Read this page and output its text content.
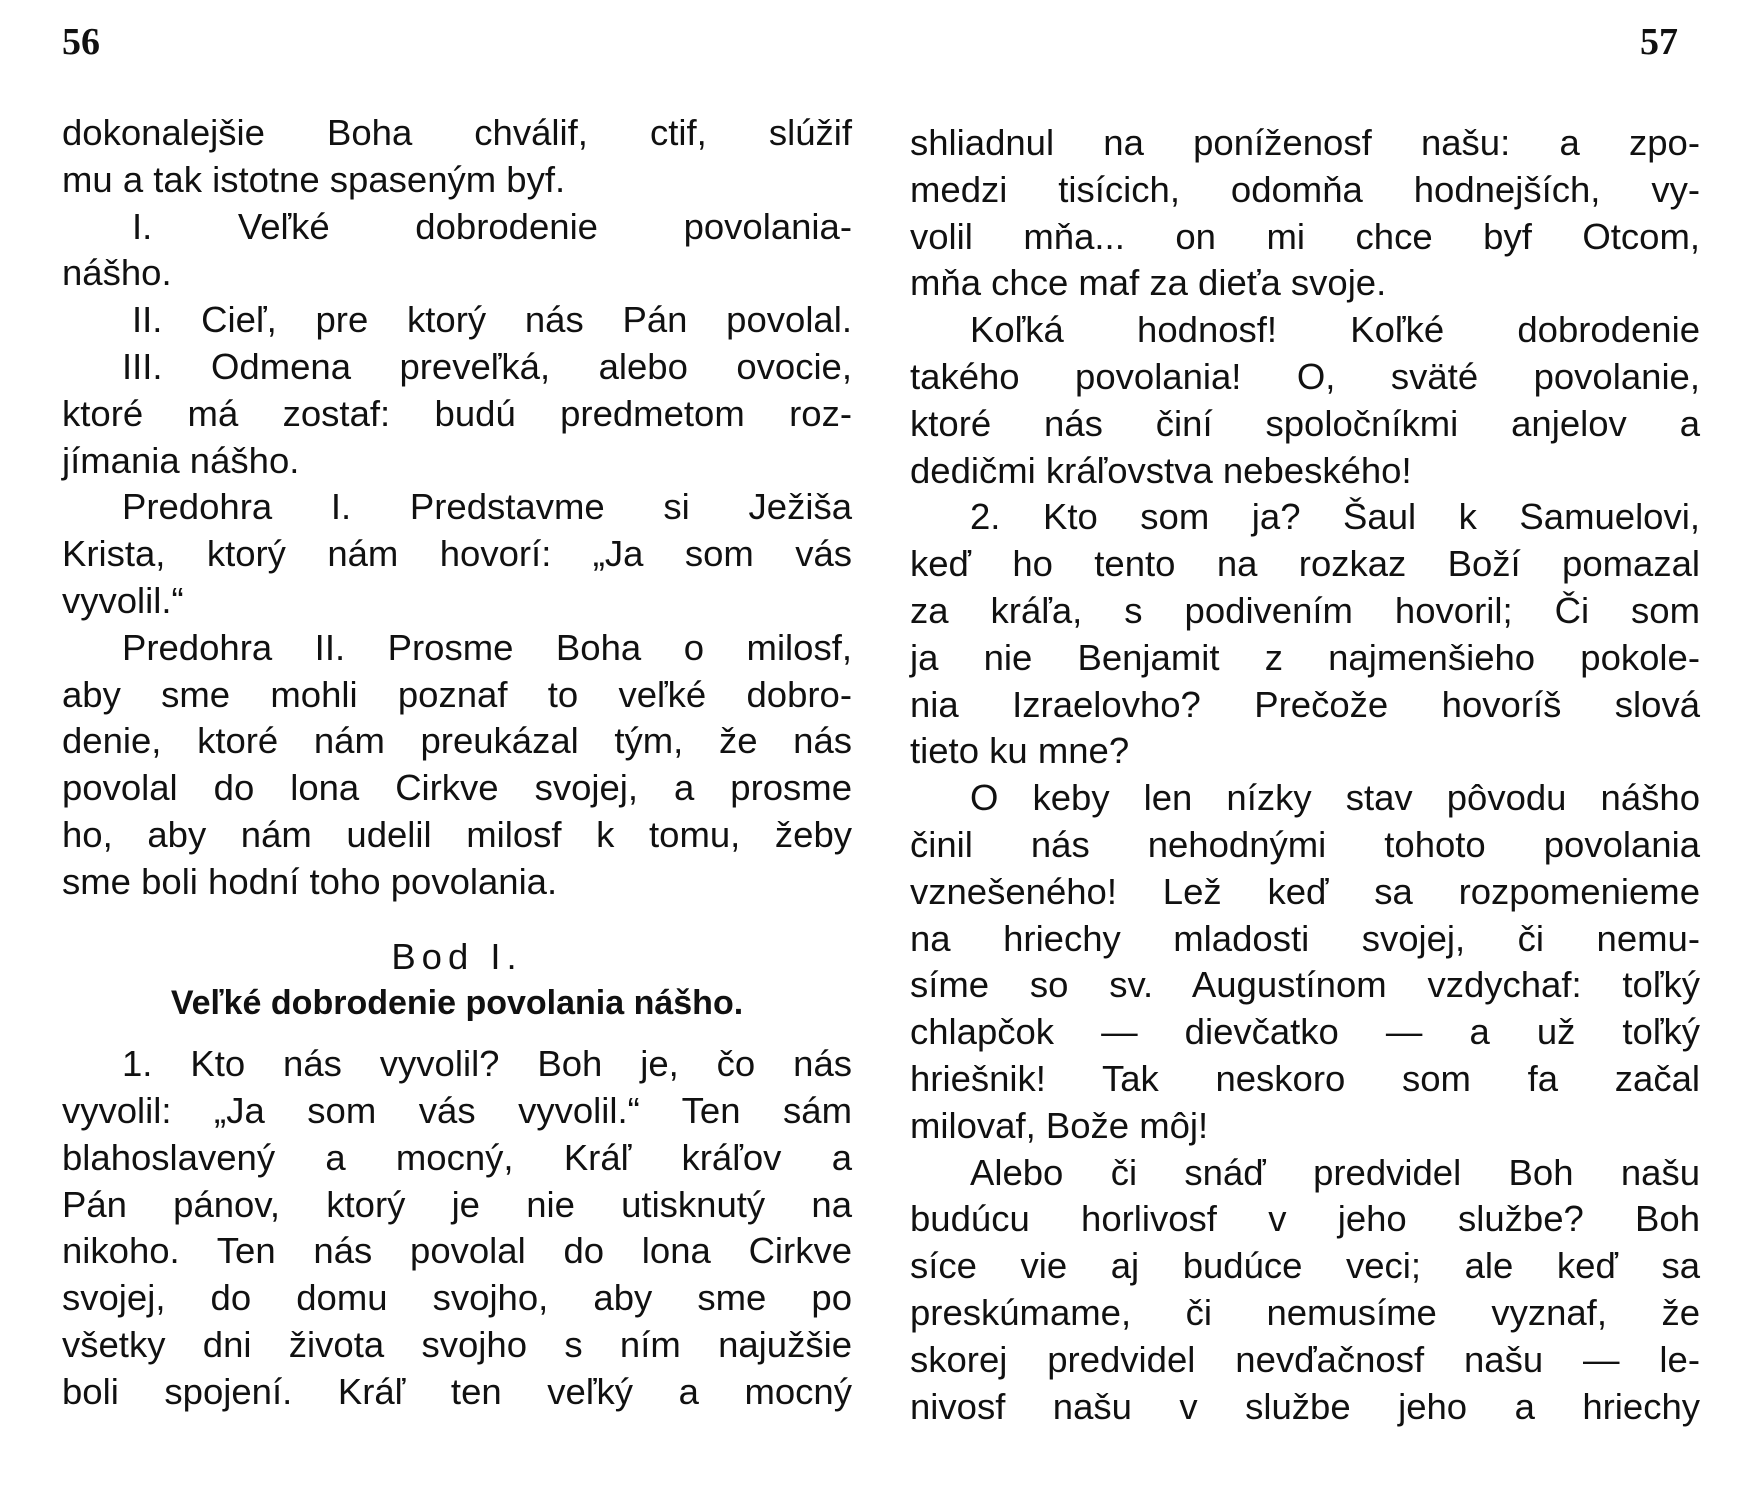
56	57
dokonalejšie Boha chválif, ctif, slúžif
mu a tak istotne spaseným byf.
I. Veľké dobrodenie povolania-
nášho.
II. Cieľ, pre ktorý nás Pán povolal.
III. Odmena preveľká, alebo ovocie,
ktoré má zostaf: budú predmetom roz-
jímania nášho.
Predohra I. Predstavme si Ježiša
Krista, ktorý nám hovorí: „Ja som vás
vyvolil.“
Predohra II. Prosme Boha o milosf,
aby sme mohli poznaf to veľké dobro-
denie, ktoré nám preukázal tým, že nás
povolal do lona Cirkve svojej, a prosme
ho, aby nám udelil milosf k tomu, žeby
sme boli hodní toho povolania.
Bod I.
Veľké dobrodenie povolania nášho.
1. Kto nás vyvolil? Boh je, čo nás
vyvolil: „Ja som vás vyvolil.“ Ten sám
blahoslavený a mocný, Kráľ kráľov a
Pán pánov, ktorý je nie utisknutý na
nikoho. Ten nás povolal do lona Cirkve
svojej, do domu svojho, aby sme po
všetky dni života svojho s ním najužšie
boli spojení. Kráľ ten veľký a mocný
shliadnul na poníženosf našu: a zpo-
medzi tisícich, odomňa hodnejších, vy-
volil mňa... on mi chce byf Otcom,
mňa chce maf za dieťa svoje.
Koľká hodnosf! Koľké dobrodenie
takého povolania! O, sväté povolanie,
ktoré nás činí spoločníkmi anjelov a
dedičmi kráľovstva nebeského!
2. Kto som ja? Šaul k Samuelovi,
keď ho tento na rozkaz Boží pomazal
za kráľa, s podivením hovoril; Či som
ja nie Benjamit z najmenšieho pokole-
nia Izraelovho? Prečože hovoríš slová
tieto ku mne?
O keby len nízky stav pôvodu nášho
činil nás nehodnými tohoto povolania
vznešeného! Lež keď sa rozpomenieme
na hriechy mladosti svojej, či nemu-
síme so sv. Augustínom vzdychaf: toľký
chlapčok — dievčatko — a už toľký
hriešnik! Tak neskoro som fa začal
milovaf, Bože môj!
Alebo či snáď predvidel Boh našu
budúcu horlivosf v jeho službe? Boh
síce vie aj budúce veci; ale keď sa
preskúmame, či nemusíme vyznaf, že
skorej predvidel nevďačnosf našu — le-
nivosf našu v službe jeho a hriechy
